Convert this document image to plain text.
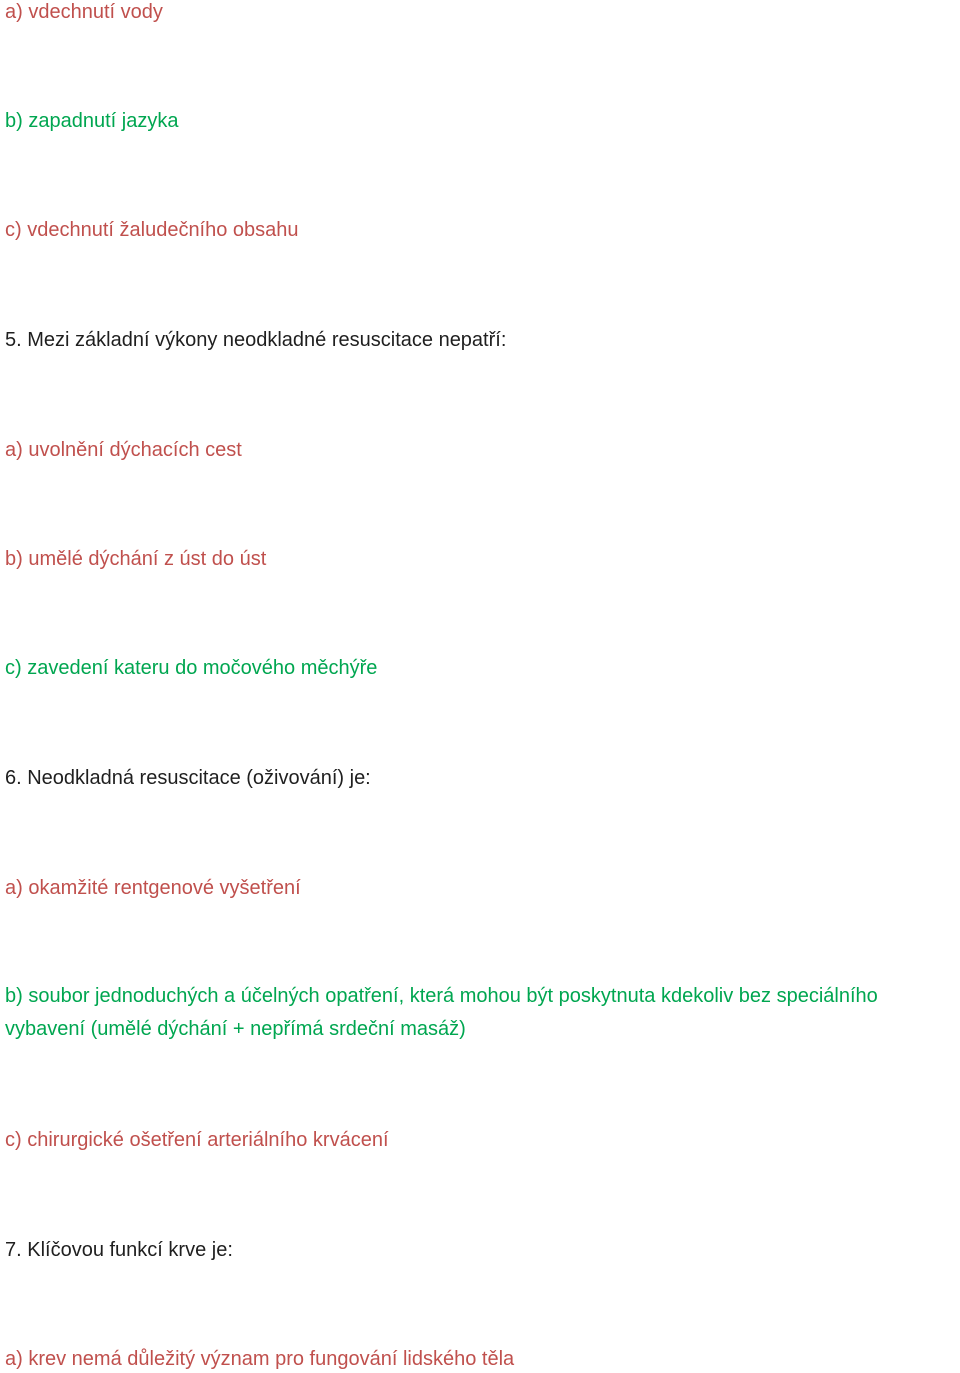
a) vdechnutí vody
b) zapadnutí jazyka
c) vdechnutí žaludečního obsahu
5. Mezi základní výkony neodkladné resuscitace nepatří:
a) uvolnění dýchacích cest
b) umělé dýchání z úst do úst
c) zavedení kateru do močového měchýře
6. Neodkladná resuscitace (oživování) je:
a) okamžité rentgenové vyšetření
b) soubor jednoduchých a účelných opatření, která mohou být poskytnuta kdekoliv bez speciálního vybavení (umělé dýchání + nepřímá srdeční masáž)
c) chirurgické ošetření arteriálního krvácení
7. Klíčovou funkcí krve je:
a) krev nemá důležitý význam pro fungování lidského těla
